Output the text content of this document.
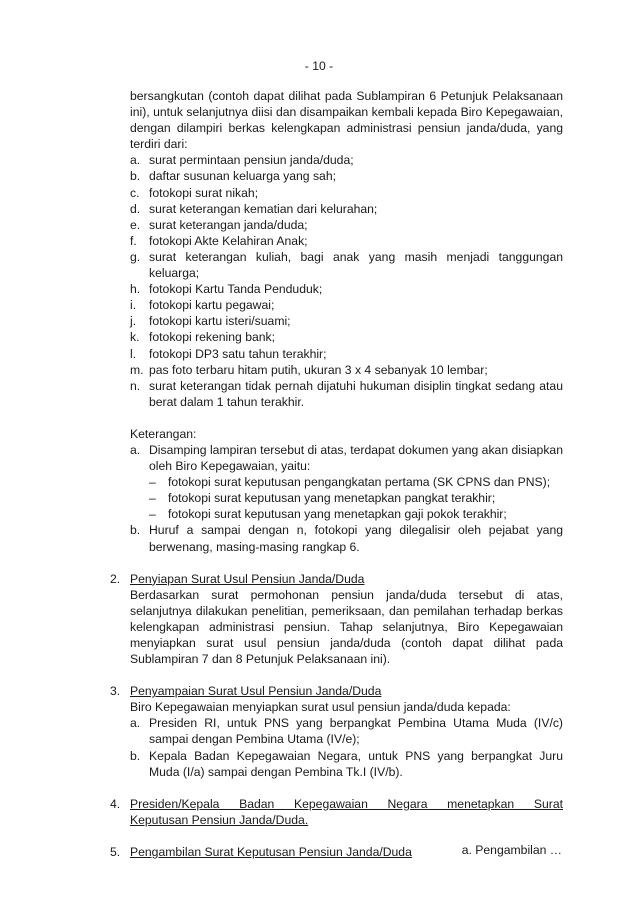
- 10 -
bersangkutan (contoh dapat dilihat pada Sublampiran 6 Petunjuk Pelaksanaan ini), untuk selanjutnya diisi dan disampaikan kembali kepada Biro Kepegawaian, dengan dilampiri berkas kelengkapan administrasi pensiun janda/duda, yang terdiri dari:
a. surat permintaan pensiun janda/duda;
b. daftar susunan keluarga yang sah;
c. fotokopi surat nikah;
d. surat keterangan kematian dari kelurahan;
e. surat keterangan janda/duda;
f.	fotokopi Akte Kelahiran Anak;
g. surat keterangan kuliah, bagi anak yang masih menjadi tanggungan keluarga;
h. fotokopi Kartu Tanda Penduduk;
i.	fotokopi kartu pegawai;
j.	fotokopi kartu isteri/suami;
k. fotokopi rekening bank;
l.	fotokopi DP3 satu tahun terakhir;
m. pas foto terbaru hitam putih, ukuran 3 x 4 sebanyak 10 lembar;
n. surat keterangan tidak pernah dijatuhi hukuman disiplin tingkat sedang atau berat dalam 1 tahun terakhir.
Keterangan:
a. Disamping lampiran tersebut di atas, terdapat dokumen yang akan disiapkan oleh Biro Kepegawaian, yaitu:
–	fotokopi surat keputusan pengangkatan pertama (SK CPNS dan PNS);
–	fotokopi surat keputusan yang menetapkan pangkat terakhir;
–	fotokopi surat keputusan yang menetapkan gaji pokok terakhir;
b. Huruf a sampai dengan n, fotokopi yang dilegalisir oleh pejabat yang berwenang, masing-masing rangkap 6.
2. Penyiapan Surat Usul Pensiun Janda/Duda
Berdasarkan surat permohonan pensiun janda/duda tersebut di atas, selanjutnya dilakukan penelitian, pemeriksaan, dan pemilahan terhadap berkas kelengkapan administrasi pensiun. Tahap selanjutnya, Biro Kepegawaian menyiapkan surat usul pensiun janda/duda (contoh dapat dilihat pada Sublampiran 7 dan 8 Petunjuk Pelaksanaan ini).
3. Penyampaian Surat Usul Pensiun Janda/Duda
Biro Kepegawaian menyiapkan surat usul pensiun janda/duda kepada:
a. Presiden RI, untuk PNS yang berpangkat Pembina Utama Muda (IV/c) sampai dengan Pembina Utama (IV/e);
b. Kepala Badan Kepegawaian Negara, untuk PNS yang berpangkat Juru Muda (I/a) sampai dengan Pembina Tk.I (IV/b).
4. Presiden/Kepala Badan Kepegawaian Negara menetapkan Surat
Keputusan Pensiun Janda/Duda.
5. Pengambilan Surat Keputusan Pensiun Janda/Duda	a. Pengambilan …
